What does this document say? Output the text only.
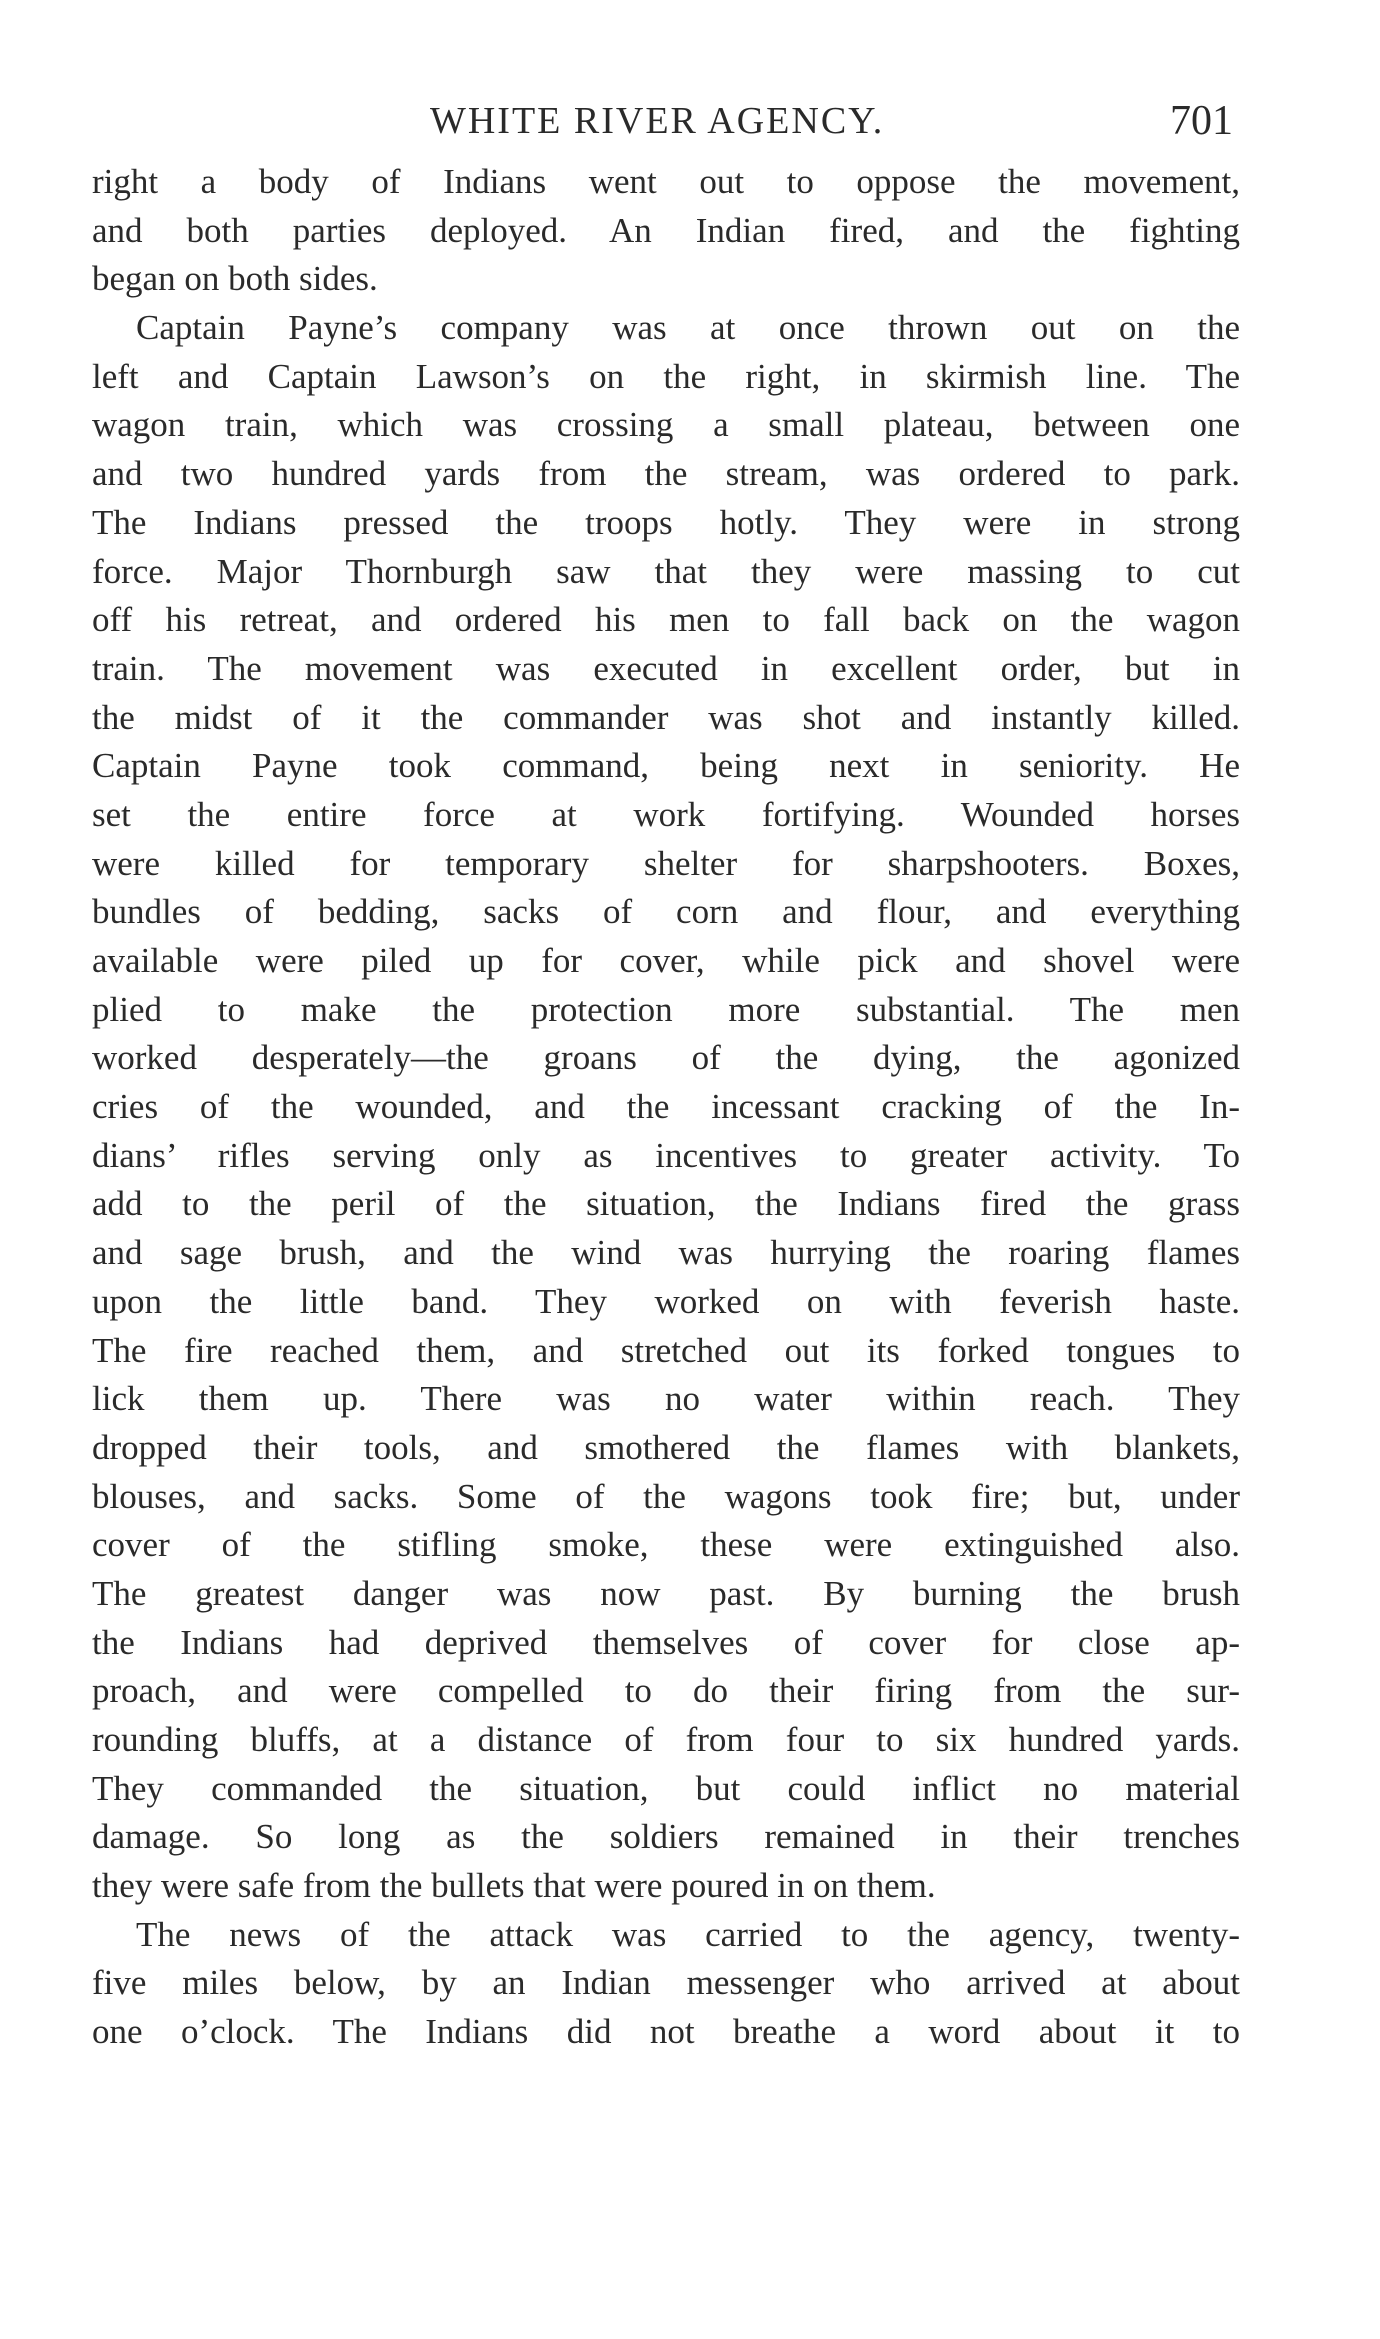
WHITE RIVER AGENCY.	701
right a body of Indians went out to oppose the movement,
and both parties deployed. An Indian fired, and the fighting
began on both sides.
Captain Payne’s company was at once thrown out on the
left and Captain Lawson’s on the right, in skirmish line. The
wagon train, which was crossing a small plateau, between one
and two hundred yards from the stream, was ordered to park.
The Indians pressed the troops hotly. They were in strong
force. Major Thornburgh saw that they were massing to cut
off his retreat, and ordered his men to fall back on the wagon
train. The movement was executed in excellent order, but in
the midst of it the commander was shot and instantly killed.
Captain Payne took command, being next in seniority. He
set the entire force at work fortifying. Wounded horses
were killed for temporary shelter for sharpshooters. Boxes,
bundles of bedding, sacks of corn and flour, and everything
available were piled up for cover, while pick and shovel were
plied to make the protection more substantial. The men
worked desperately—the groans of the dying, the agonized
cries of the wounded, and the incessant cracking of the In-
dians’ rifles serving only as incentives to greater activity. To
add to the peril of the situation, the Indians fired the grass
and sage brush, and the wind was hurrying the roaring flames
upon the little band. They worked on with feverish haste.
The fire reached them, and stretched out its forked tongues to
lick them up. There was no water within reach. They
dropped their tools, and smothered the flames with blankets,
blouses, and sacks. Some of the wagons took fire; but, under
cover of the stifling smoke, these were extinguished also.
The greatest danger was now past. By burning the brush
the Indians had deprived themselves of cover for close ap-
proach, and were compelled to do their firing from the sur-
rounding bluffs, at a distance of from four to six hundred yards.
They commanded the situation, but could inflict no material
damage. So long as the soldiers remained in their trenches
they were safe from the bullets that were poured in on them.
The news of the attack was carried to the agency, twenty-
five miles below, by an Indian messenger who arrived at about
one o’clock. The Indians did not breathe a word about it to
